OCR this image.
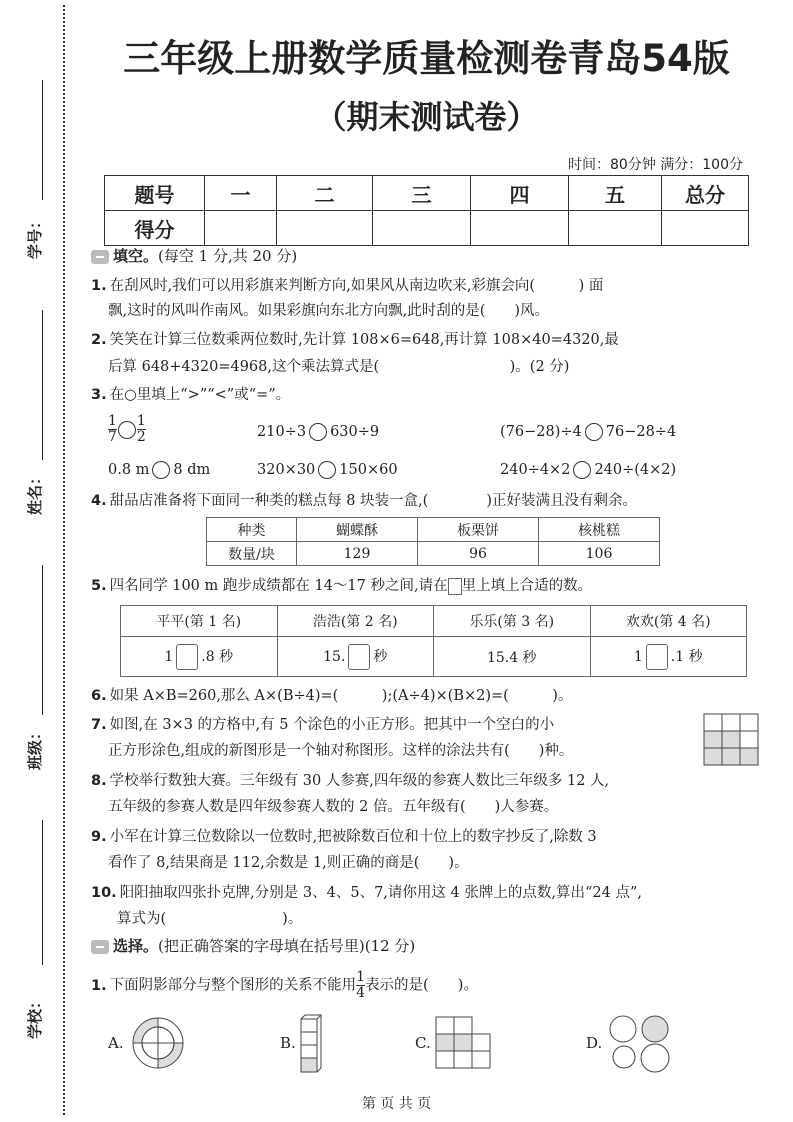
学号：
姓名：
班级：
学校：
三年级上册数学质量检测卷青岛54版
（期末测试卷）
时间：80分钟 满分：100分
题号	一	二	三	四	五	总分
得分						
填空。(每空 1 分,共 20 分)
1. 在刮风时,我们可以用彩旗来判断方向,如果风从南边吹来,彩旗会向(　　　) 面
飘,这时的风叫作南风。如果彩旗向东北方向飘,此时刮的是(　　)风。
2. 笑笑在计算三位数乘两位数时,先计算 108×6=648,再计算 108×40=4320,最
后算 648+4320=4968,这个乘法算式是(　　　　　　　　　)。(2 分)
3. 在○里填上“>”“<”或“=”。
$\frac{1}{7} \frac{1}{2}$	210÷3 630÷9	(76−28)÷4 76−28÷4
0.8 m 8 dm	320×30 150×60	240÷4×2 240÷(4×2)
4. 甜品店准备将下面同一种类的糕点每 8 块装一盒,(　　　　)正好装满且没有剩余。
种类	蝴蝶酥	板栗饼	核桃糕
数量/块	129	96	106
5. 四名同学 100 m 跑步成绩都在 14～17 秒之间,请在 里上填上合适的数。
平平(第 1 名)	浩浩(第 2 名)	乐乐(第 3 名)	欢欢(第 4 名)
1 .8 秒	15. 秒	15.4 秒	1 .1 秒
6. 如果 A×B=260,那么 A×(B÷4)=(　　　);(A÷4)×(B×2)=(　　　)。
7. 如图,在 3×3 的方格中,有 5 个涂色的小正方形。把其中一个空白的小
正方形涂色,组成的新图形是一个轴对称图形。这样的涂法共有(　　)种。
8. 学校举行数独大赛。三年级有 30 人参赛,四年级的参赛人数比三年级多 12 人,
五年级的参赛人数是四年级参赛人数的 2 倍。五年级有(　　)人参赛。
9. 小军在计算三位数除以一位数时,把被除数百位和十位上的数字抄反了,除数 3
看作了 8,结果商是 112,余数是 1,则正确的商是(　　)。
10. 阳阳抽取四张扑克牌,分别是 3、4、5、7,请你用这 4 张牌上的点数,算出“24 点”,
算式为(　　　　　　　　)。
选择。(把正确答案的字母填在括号里)(12 分)
1. 下面阴影部分与整个图形的关系不能用 $\frac{1}{4}$ 表示的是(　　)。
A.	B.	C.	D.
第 页 共 页
